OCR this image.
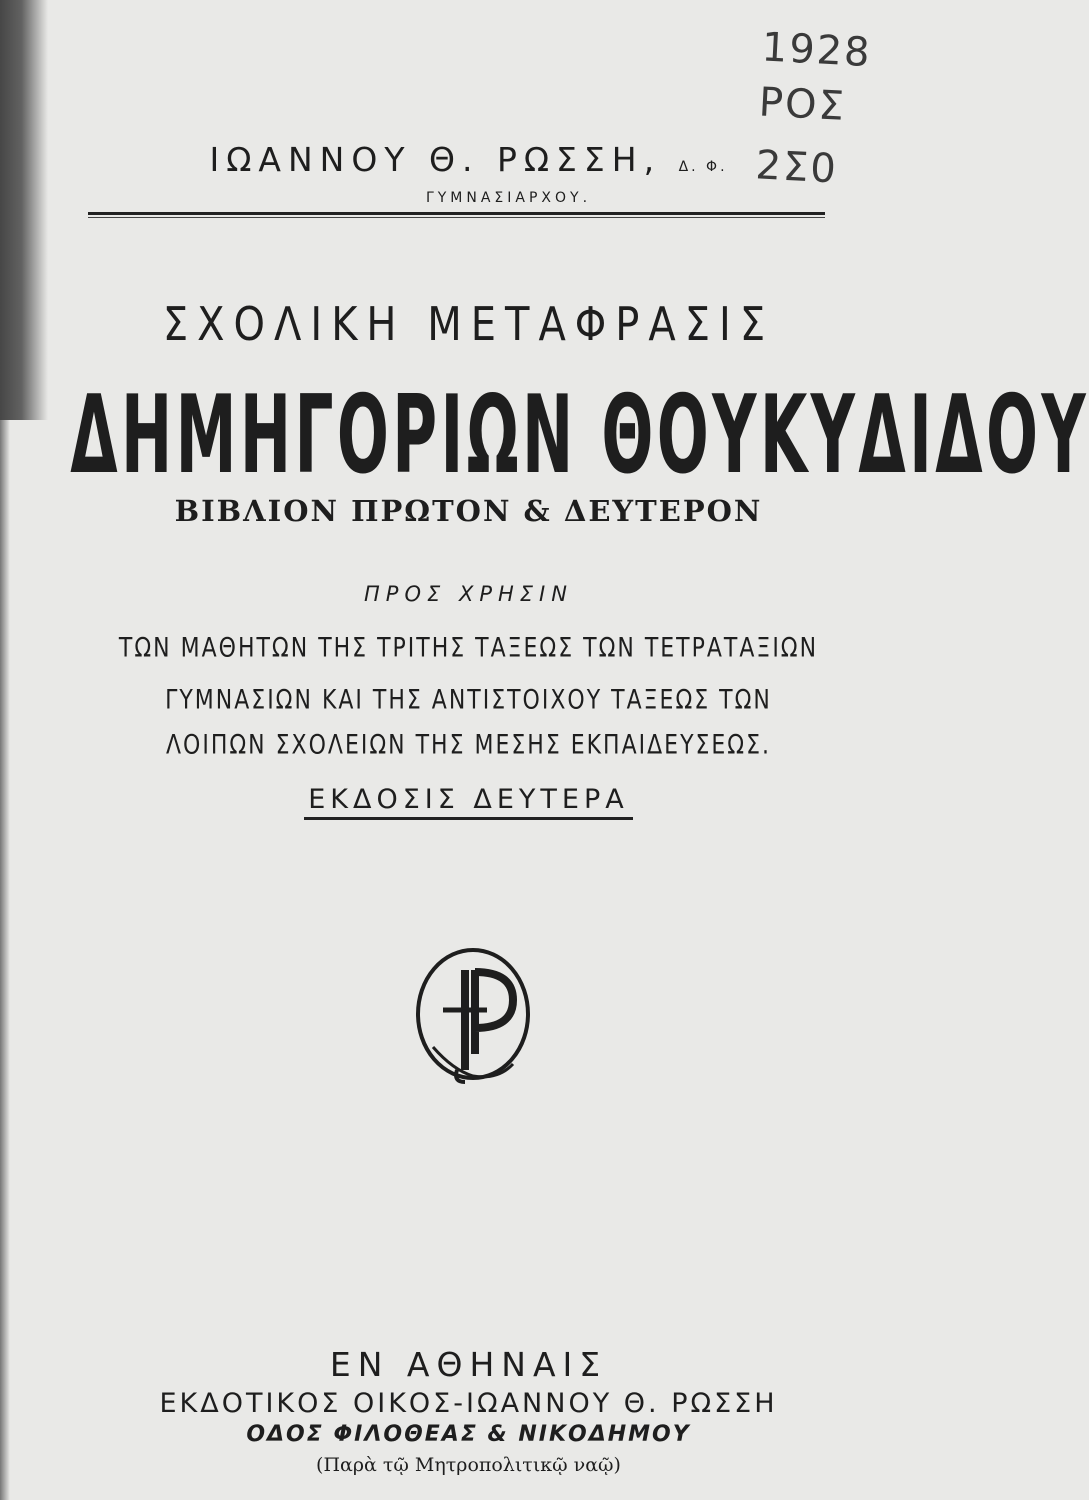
1928
ΡΟΣ
2Σ0
ΙΩΑΝΝΟΥ Θ. ΡΩΣΣΗ, Δ. Φ.
ΓΥΜΝΑΣΙΑΡΧΟΥ.
ΣΧΟΛΙΚΗ ΜΕΤΑΦΡΑΣΙΣ
ΔΗΜΗΓΟΡΙΩΝ ΘΟΥΚΥΔΙΔΟΥ
ΒΙΒΛΙΟΝ ΠΡΩΤΟΝ & ΔΕΥΤΕΡΟΝ
ΠΡΟΣ ΧΡΗΣΙΝ
ΤΩΝ ΜΑΘΗΤΩΝ ΤΗΣ ΤΡΙΤΗΣ ΤΑΞΕΩΣ ΤΩΝ ΤΕΤΡΑΤΑΞΙΩΝ
ΓΥΜΝΑΣΙΩΝ ΚΑΙ ΤΗΣ ΑΝΤΙΣΤΟΙΧΟΥ ΤΑΞΕΩΣ ΤΩΝ
ΛΟΙΠΩΝ ΣΧΟΛΕΙΩΝ ΤΗΣ ΜΕΣΗΣ ΕΚΠΑΙΔΕΥΣΕΩΣ.
ΕΚΔΟΣΙΣ ΔΕΥΤΕΡΑ
ΕΝ ΑΘΗΝΑΙΣ
ΕΚΔΟΤΙΚΟΣ ΟΙΚΟΣ-ΙΩΑΝΝΟΥ Θ. ΡΩΣΣΗ
ΟΔΟΣ ΦΙΛΟΘΕΑΣ & ΝΙΚΟΔΗΜΟΥ
(Παρὰ τῷ Μητροπολιτικῷ ναῷ)
